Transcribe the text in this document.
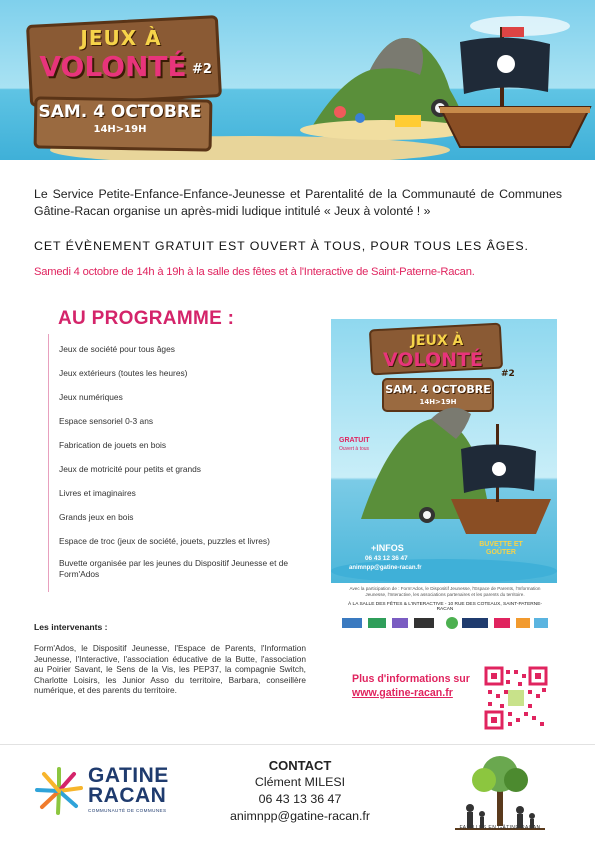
JEUX À
VOLONTÉ #2
SAM. 4 OCTOBRE
14H>19H
Le Service Petite-Enfance-Enfance-Jeunesse et Parentalité de la Communauté de Communes Gâtine-Racan organise un après-midi ludique intitulé « Jeux à volonté ! »
CET ÉVÈNEMENT GRATUIT EST OUVERT À TOUS, POUR TOUS LES ÂGES.
Samedi 4 octobre de 14h à 19h à la salle des fêtes et à l'Interactive de Saint-Paterne-Racan.
AU PROGRAMME :
Jeux de société pour tous âges
Jeux extérieurs (toutes les heures)
Jeux numériques
Espace sensoriel 0-3 ans
Fabrication de jouets en bois
Jeux de motricité pour petits et grands
Livres et imaginaires
Grands jeux en bois
Espace de troc (jeux de société, jouets, puzzles et livres)
Buvette organisée par les jeunes du Dispositif Jeunesse et de Form'Ados
JEUX À
VOLONTÉ
#2
SAM. 4 OCTOBRE
14H>19H
GRATUIT
Ouvert à tous
+INFOS
06 43 12 36 47
animnpp@gatine-racan.fr
BUVETTE ET GOÛTER
Avec la participation de : Form'Ados, le Dispositif Jeunesse, l'Espace de Parents, l'Information Jeunesse, l'Interactive, les associations partenaires et les parents du territoire.
À LA SALLE DES FÊTES & L'INTERACTIVE - 10 RUE DES COTEAUX, SAINT-PATERNE-RACAN
Les intervenants :
Form'Ados, le Dispositif Jeunesse, l'Espace de Parents, l'Information Jeunesse, l'Interactive, l'association éducative de la Butte, l'association au Poirier Savant, le Sens de la Vis, les PEP37, la compagnie Switch, Charlotte Loisirs, les Junior Asso du territoire, Barbara, conseillère numérique, et des parents du territoire.
Plus d'informations sur
www.gatine-racan.fr
GATINE
RACAN
COMMUNAUTÉ DE COMMUNES
CONTACT
Clément MILESI
06 43 13 36 47
animnpp@gatine-racan.fr
FAMILLES EN GÂTINE RACAN
